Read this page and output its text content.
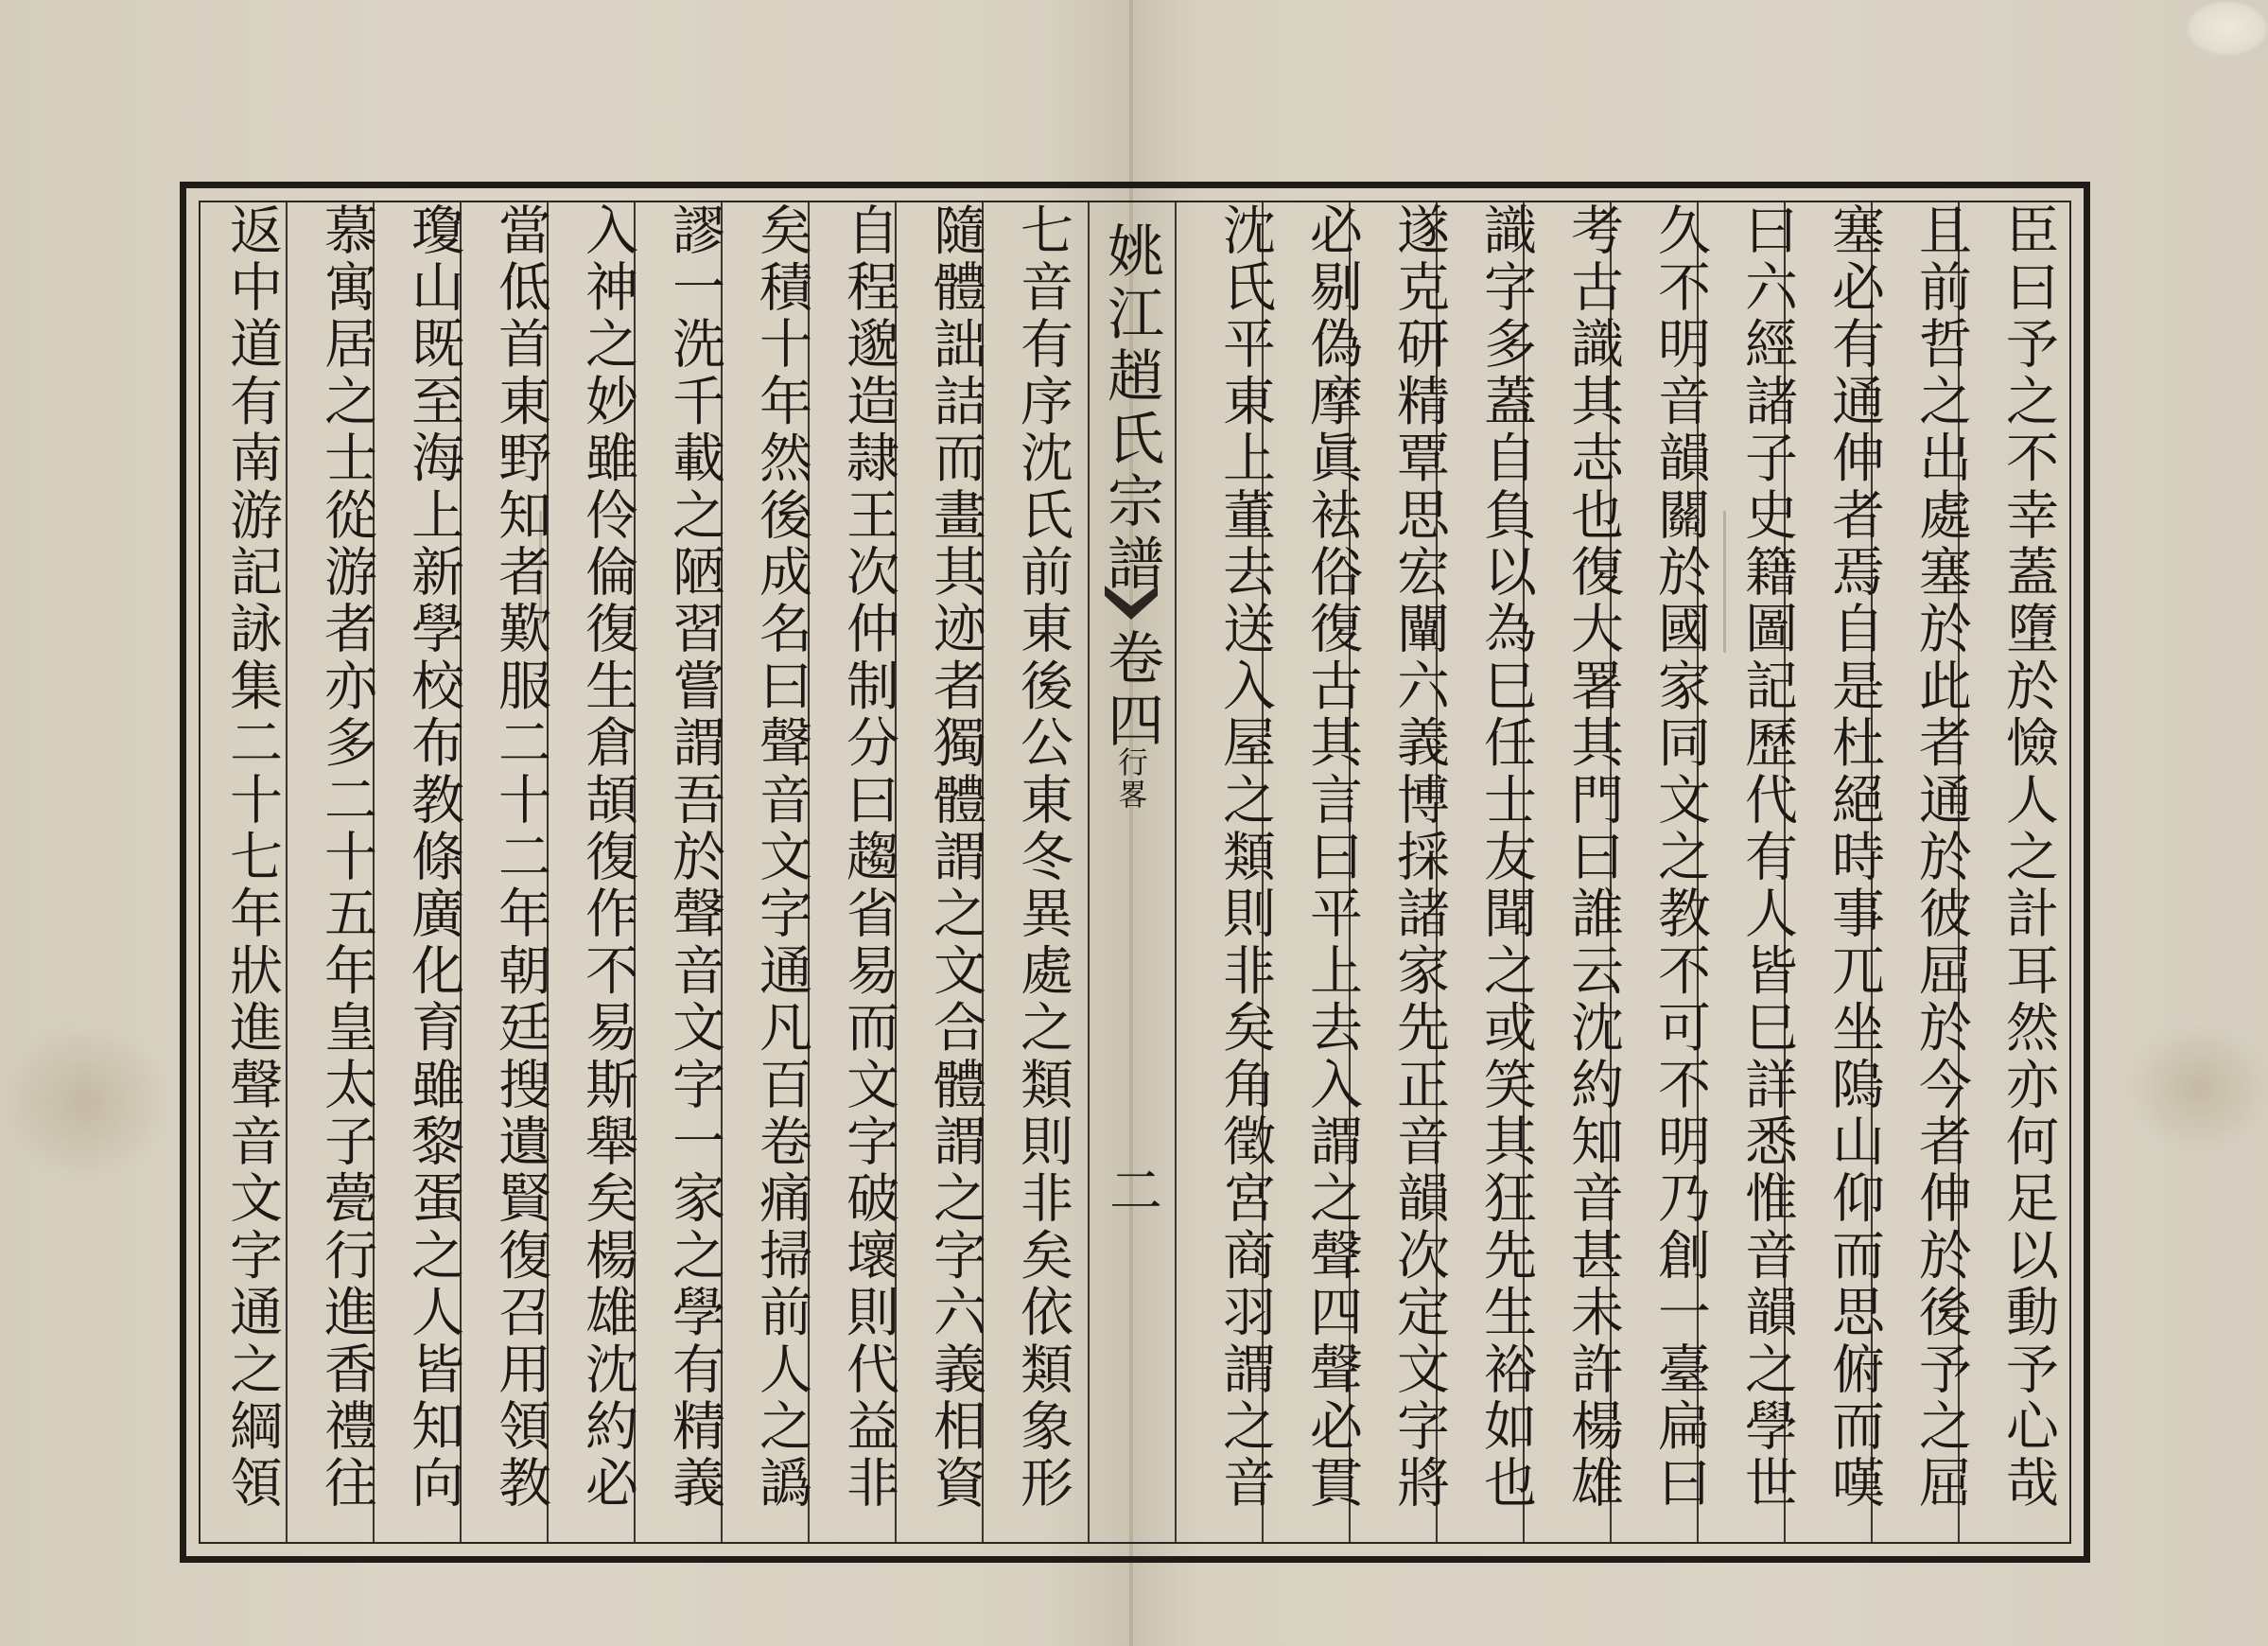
臣曰予之不幸蓋墮於憸人之計耳然亦何足以動予心哉
且前哲之出處塞於此者通於彼屈於今者伸於後予之屈
塞必有通伸者焉自是杜絕時事兀坐隖山仰而思俯而嘆
曰六經諸子史籍圖記歷代有人皆巳詳悉惟音韻之學世
久不明音韻關於國家同文之教不可不明乃創一臺扁曰
考古識其志也復大署其門曰誰云沈約知音甚未許楊雄
識字多蓋自負以為巳任士友聞之或笑其狂先生裕如也
遂克研精覃思宏闡六義博採諸家先正音韻次定文字將
必剔偽摩眞袪俗復古其言曰平上去入謂之聲四聲必貫
沈氏平東上董去送入屋之類則非矣角徵宮商羽謂之音
姚江趙氏宗譜
卷四
行畧
二
七音有序沈氏前東後公東冬異處之類則非矣依類象形
隨體詘詰而畫其迹者獨體謂之文合體謂之字六義相資
自程邈造隷王次仲制分曰趨省易而文字破壞則代益非
矣積十年然後成名曰聲音文字通凡百卷痛掃前人之譌
謬一洗千載之陋習嘗謂吾於聲音文字一家之學有精義
入神之妙雖伶倫復生倉頡復作不易斯舉矣楊雄沈約必
當低首東野知者歎服二十二年朝廷搜遺賢復召用領教
瓊山既至海上新學校布教條廣化育雖黎蛋之人皆知向
慕寓居之士從游者亦多二十五年皇太子甍行進香禮往
返中道有南游記詠集二十七年狀進聲音文字通之綱領
